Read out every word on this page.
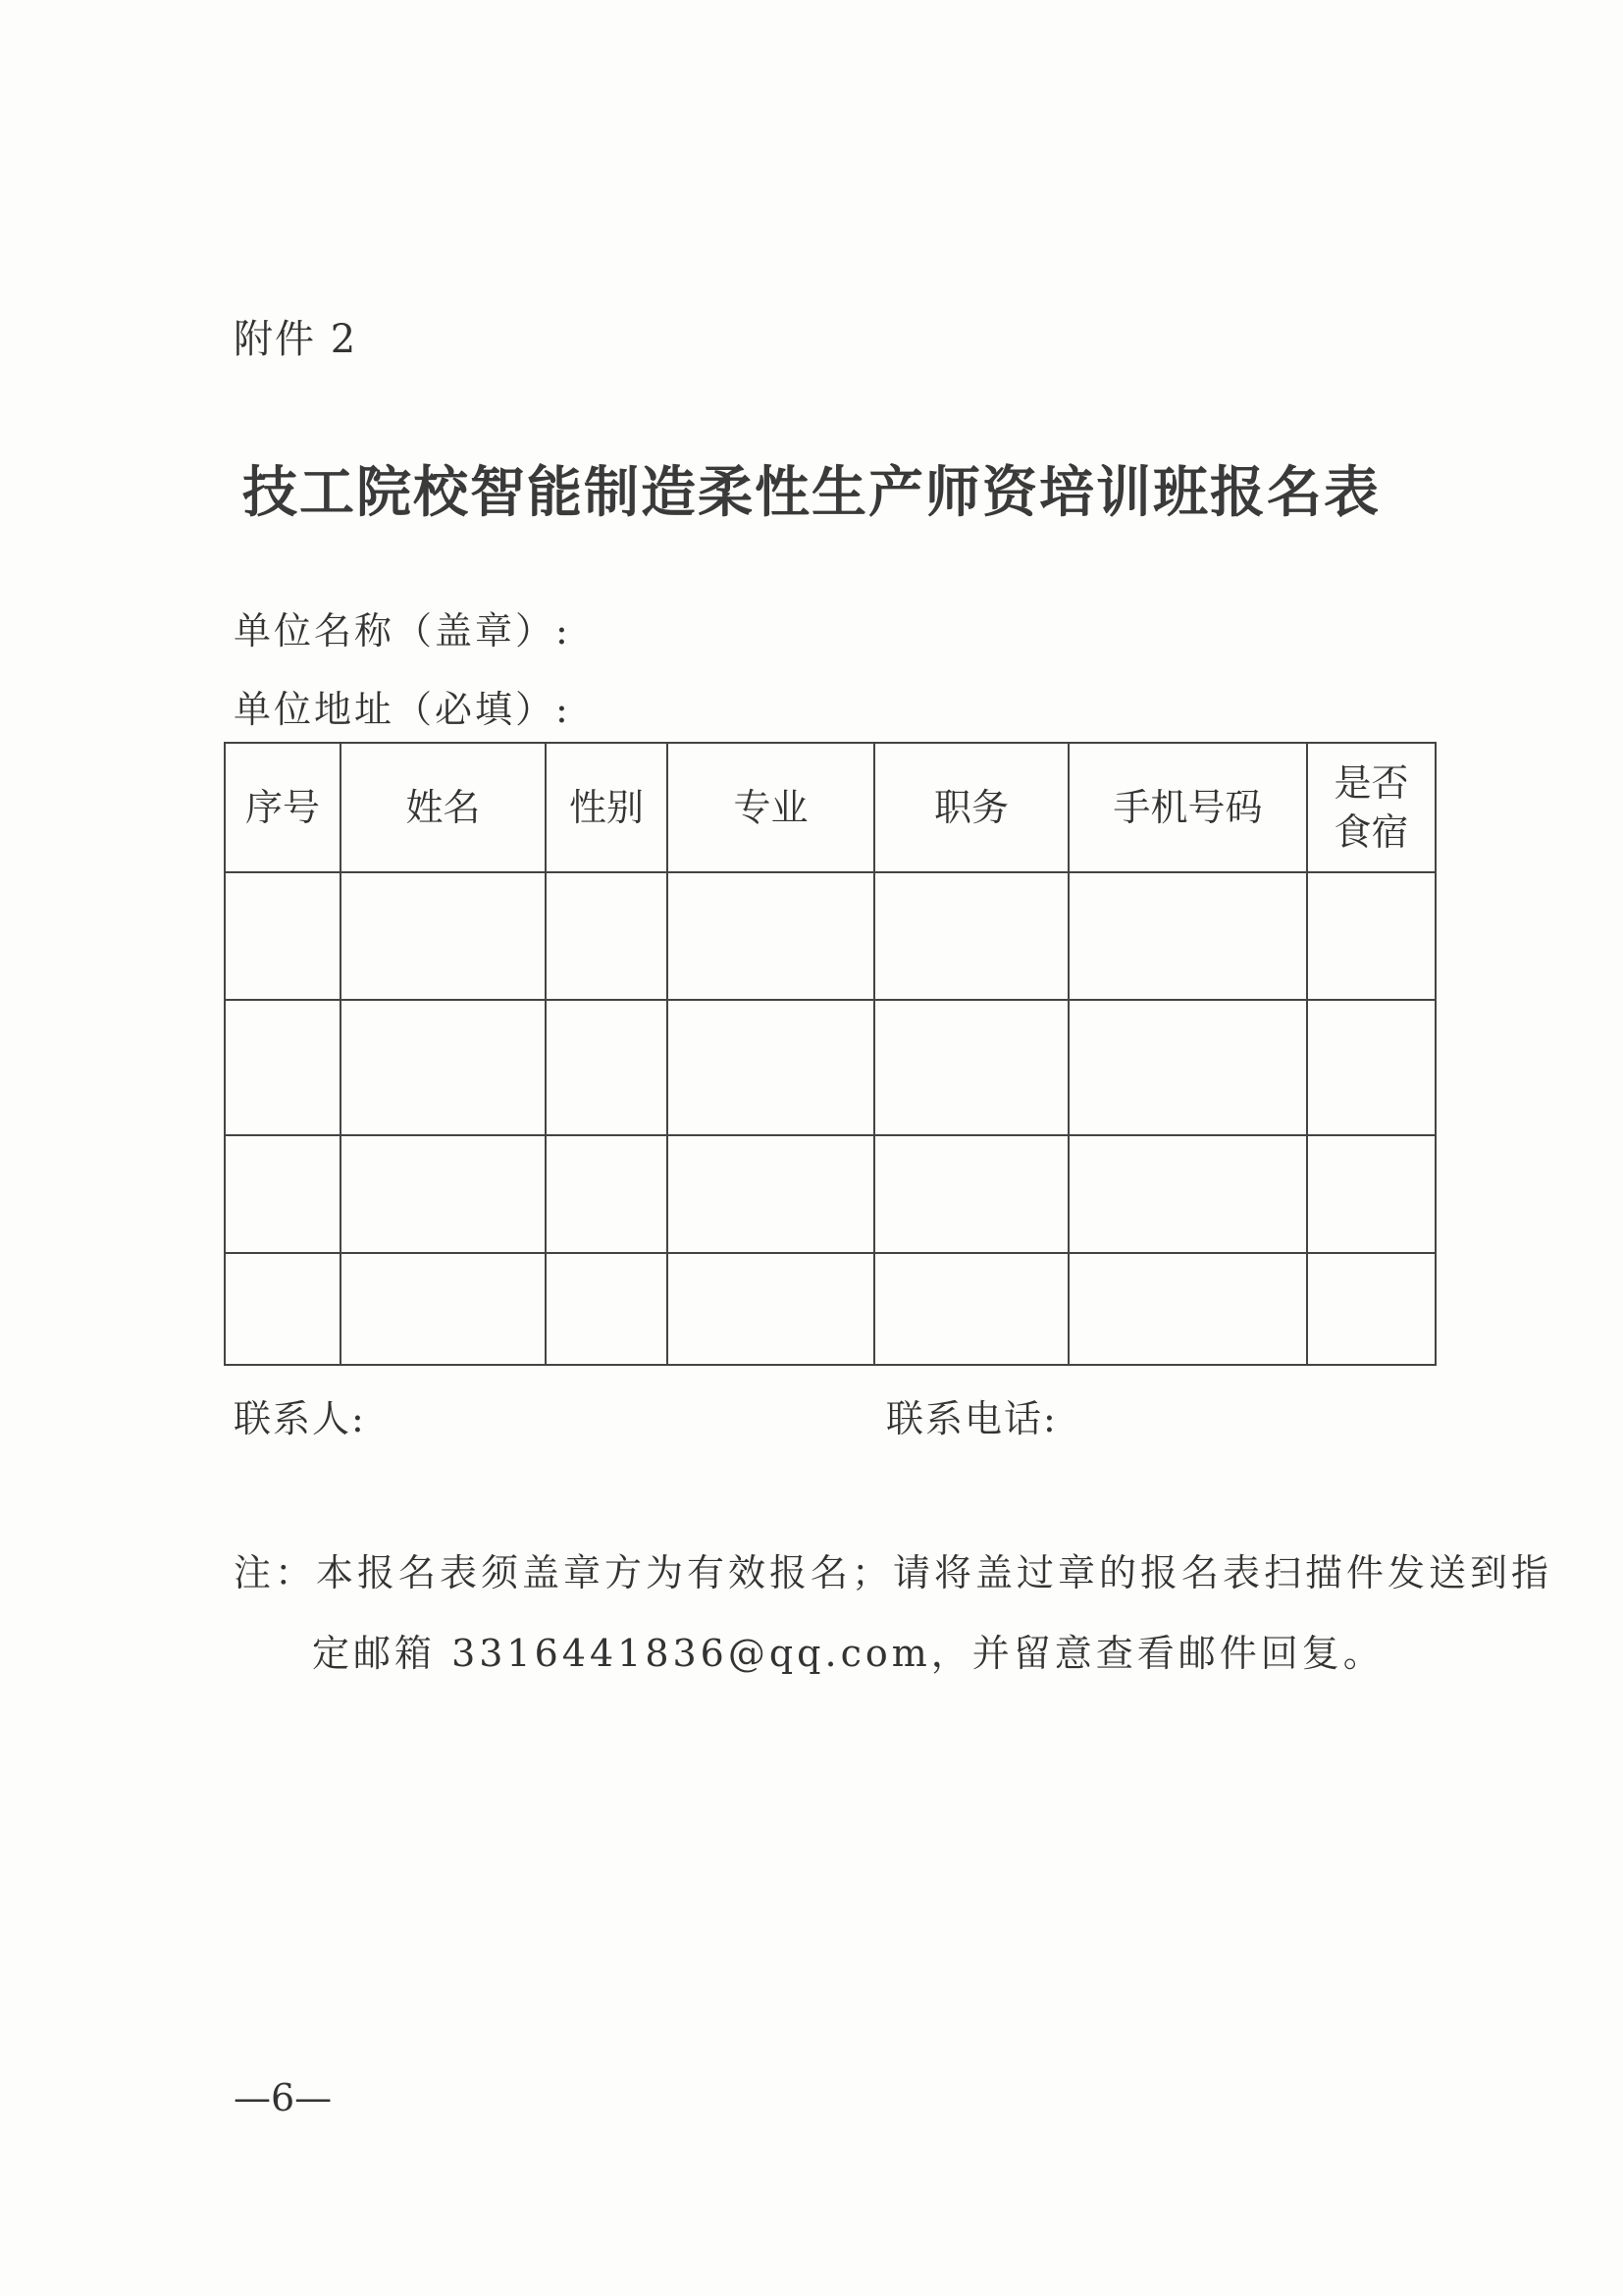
附件 2
技工院校智能制造柔性生产师资培训班报名表
单位名称（盖章）:
单位地址（必填）:
序号	姓名	性别	专业	职务	手机号码	是否
食宿

联系人:	联系电话:
注：本报名表须盖章方为有效报名；请将盖过章的报名表扫描件发送到指
定邮箱 3316441836@qq.com，并留意查看邮件回复。
—6—
